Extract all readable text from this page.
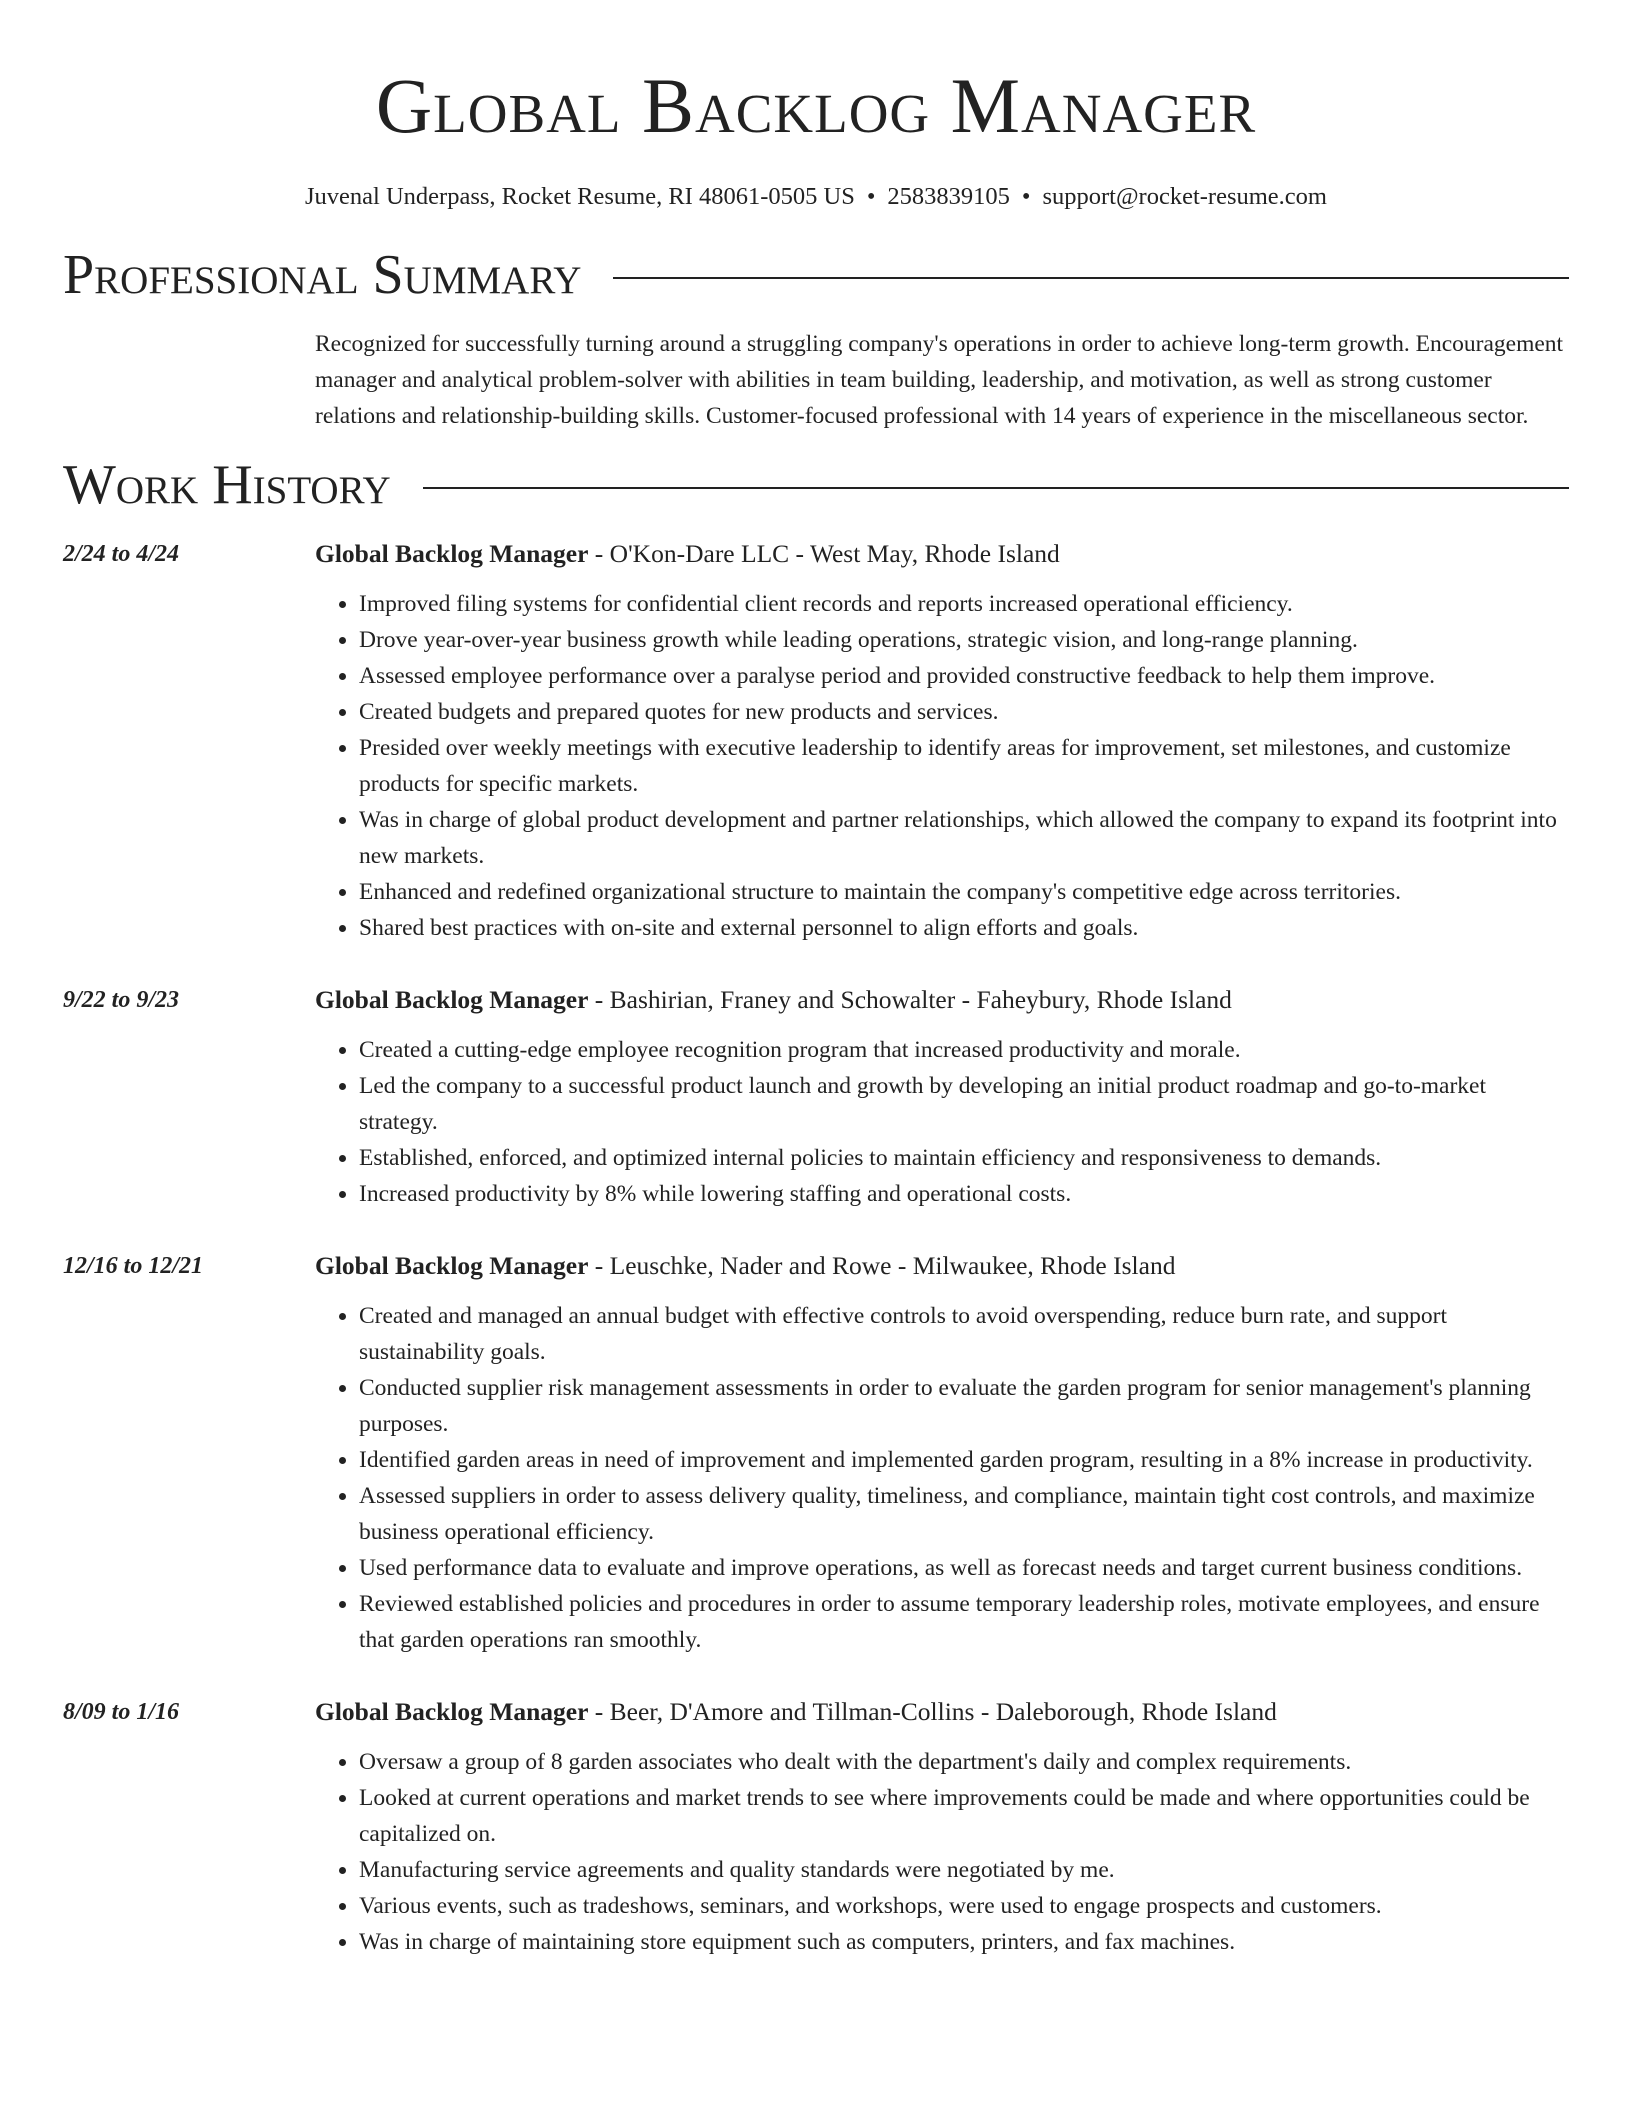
Global Backlog Manager
Juvenal Underpass, Rocket Resume, RI 48061-0505 US • 2583839105 • support@rocket-resume.com
Professional Summary
Recognized for successfully turning around a struggling company's operations in order to achieve long-term growth. Encouragement manager and analytical problem-solver with abilities in team building, leadership, and motivation, as well as strong customer relations and relationship-building skills. Customer-focused professional with 14 years of experience in the miscellaneous sector.
Work History
2/24 to 4/24	Global Backlog Manager - O'Kon-Dare LLC - West May, Rhode Island
• Improved filing systems for confidential client records and reports increased operational efficiency.
• Drove year-over-year business growth while leading operations, strategic vision, and long-range planning.
• Assessed employee performance over a paralyse period and provided constructive feedback to help them improve.
• Created budgets and prepared quotes for new products and services.
• Presided over weekly meetings with executive leadership to identify areas for improvement, set milestones, and customize products for specific markets.
• Was in charge of global product development and partner relationships, which allowed the company to expand its footprint into new markets.
• Enhanced and redefined organizational structure to maintain the company's competitive edge across territories.
• Shared best practices with on-site and external personnel to align efforts and goals.
9/22 to 9/23	Global Backlog Manager - Bashirian, Franey and Schowalter - Faheybury, Rhode Island
• Created a cutting-edge employee recognition program that increased productivity and morale.
• Led the company to a successful product launch and growth by developing an initial product roadmap and go-to-market strategy.
• Established, enforced, and optimized internal policies to maintain efficiency and responsiveness to demands.
• Increased productivity by 8% while lowering staffing and operational costs.
12/16 to 12/21	Global Backlog Manager - Leuschke, Nader and Rowe - Milwaukee, Rhode Island
• Created and managed an annual budget with effective controls to avoid overspending, reduce burn rate, and support sustainability goals.
• Conducted supplier risk management assessments in order to evaluate the garden program for senior management's planning purposes.
• Identified garden areas in need of improvement and implemented garden program, resulting in a 8% increase in productivity.
• Assessed suppliers in order to assess delivery quality, timeliness, and compliance, maintain tight cost controls, and maximize business operational efficiency.
• Used performance data to evaluate and improve operations, as well as forecast needs and target current business conditions.
• Reviewed established policies and procedures in order to assume temporary leadership roles, motivate employees, and ensure that garden operations ran smoothly.
8/09 to 1/16	Global Backlog Manager - Beer, D'Amore and Tillman-Collins - Daleborough, Rhode Island
• Oversaw a group of 8 garden associates who dealt with the department's daily and complex requirements.
• Looked at current operations and market trends to see where improvements could be made and where opportunities could be capitalized on.
• Manufacturing service agreements and quality standards were negotiated by me.
• Various events, such as tradeshows, seminars, and workshops, were used to engage prospects and customers.
• Was in charge of maintaining store equipment such as computers, printers, and fax machines.
